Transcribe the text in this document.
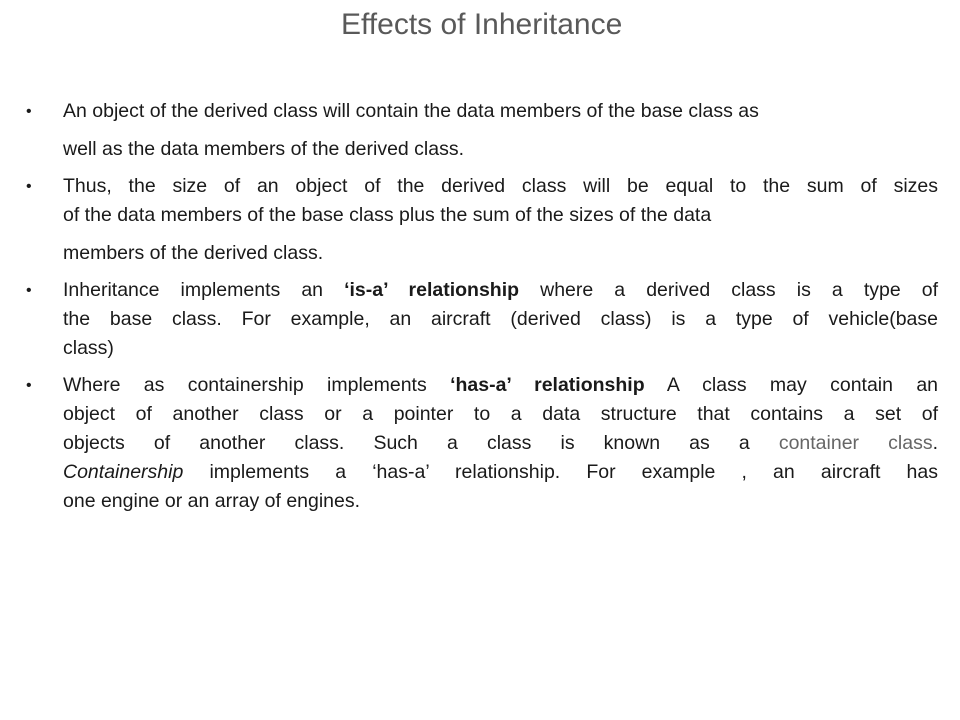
Effects of Inheritance
•	An object of the derived class will contain the data members of the base class as
well as the data members of the derived class.
•	Thus, the size of an object of the derived class will be equal to the sum of sizes
of the data members of the base class plus the sum of the sizes of the data
members of the derived class.
•	Inheritance implements an ‘is-a’ relationship where a derived class is a type of
the base class. For example, an aircraft (derived class) is a type of vehicle(base
class)
•	Where as containership implements ‘has-a’ relationship A class may contain an
object of another class or a pointer to a data structure that contains a set of
objects of another class. Such a class is known as a container class.
Containership implements a ‘has-a’ relationship. For example , an aircraft has
one engine or an array of engines.
